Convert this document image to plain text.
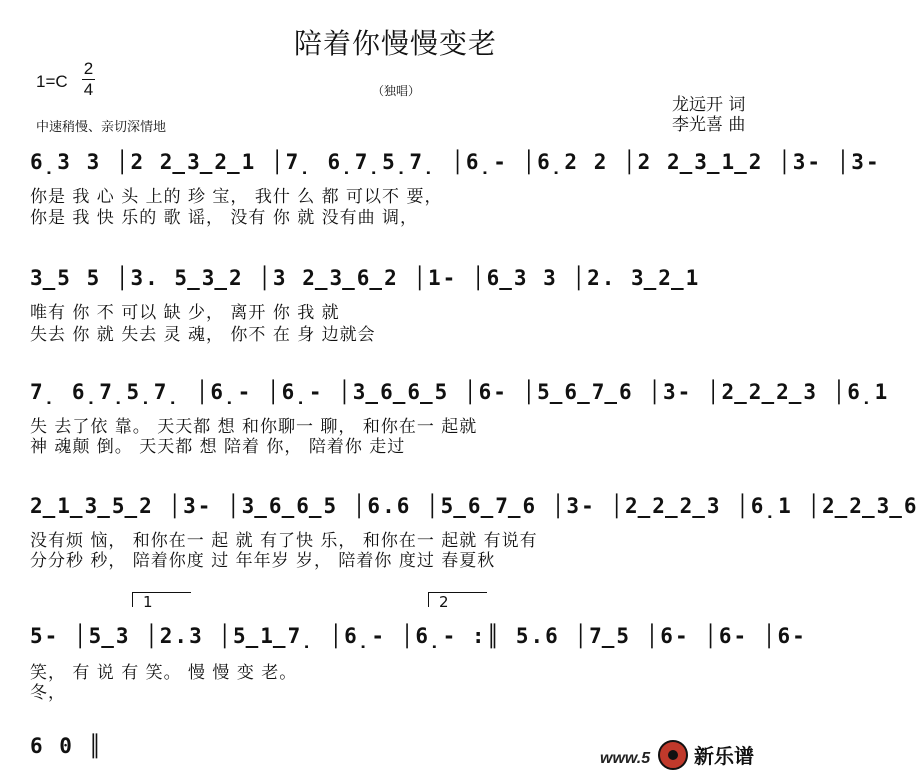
陪着你慢慢变老
1=C
2
4	（独唱）
中速稍慢、亲切深情地
龙远开 词
李光喜 曲
6̣3 3 │2 2̲3̲2̲1 │7̣ 6̣7̣5̣7̣ │6̣- │6̣2 2 │2 2̲3̲1̲2 │3- │3-
你是 我 心 头 上的 珍 宝， 我什 么 都 可以不 要，
你是 我 快 乐的 歌 谣， 没有 你 就 没有曲 调，
3̲5 5 │3. 5̲3̲2 │3 2̲3̲6̲2 │1- │6̲3 3 │2. 3̲2̲1
唯有 你 不 可以 缺 少， 离开 你 我 就
失去 你 就 失去 灵 魂， 你不 在 身 边就会
7̣ 6̣7̣5̣7̣ │6̣- │6̣- │3̲6̲6̲5 │6- │5̲6̲7̲6 │3- │2̲2̲2̲3 │6̣1
失 去了依 靠。 天天都 想 和你聊一 聊， 和你在一 起就
神 魂颠 倒。 天天都 想 陪着 你， 陪着你 走过
2̲1̲3̲5̲2 │3- │3̲6̲6̲5 │6.6 │5̲6̲7̲6 │3- │2̲2̲2̲3 │6̣1 │2̲2̲3̲6
没有烦 恼， 和你在一 起 就 有了快 乐， 和你在一 起就 有说有
分分秒 秒， 陪着你度 过 年年岁 岁， 陪着你 度过 春夏秋
1	2
5- │5̲3 │2.3 │5̲1̲7̣ │6̣- │6̣- :║ 5.6 │7̲5 │6- │6- │6-
笑， 有 说 有 笑。 慢 慢 变 老。
冬，
6 0 ║
www.5 新乐谱
